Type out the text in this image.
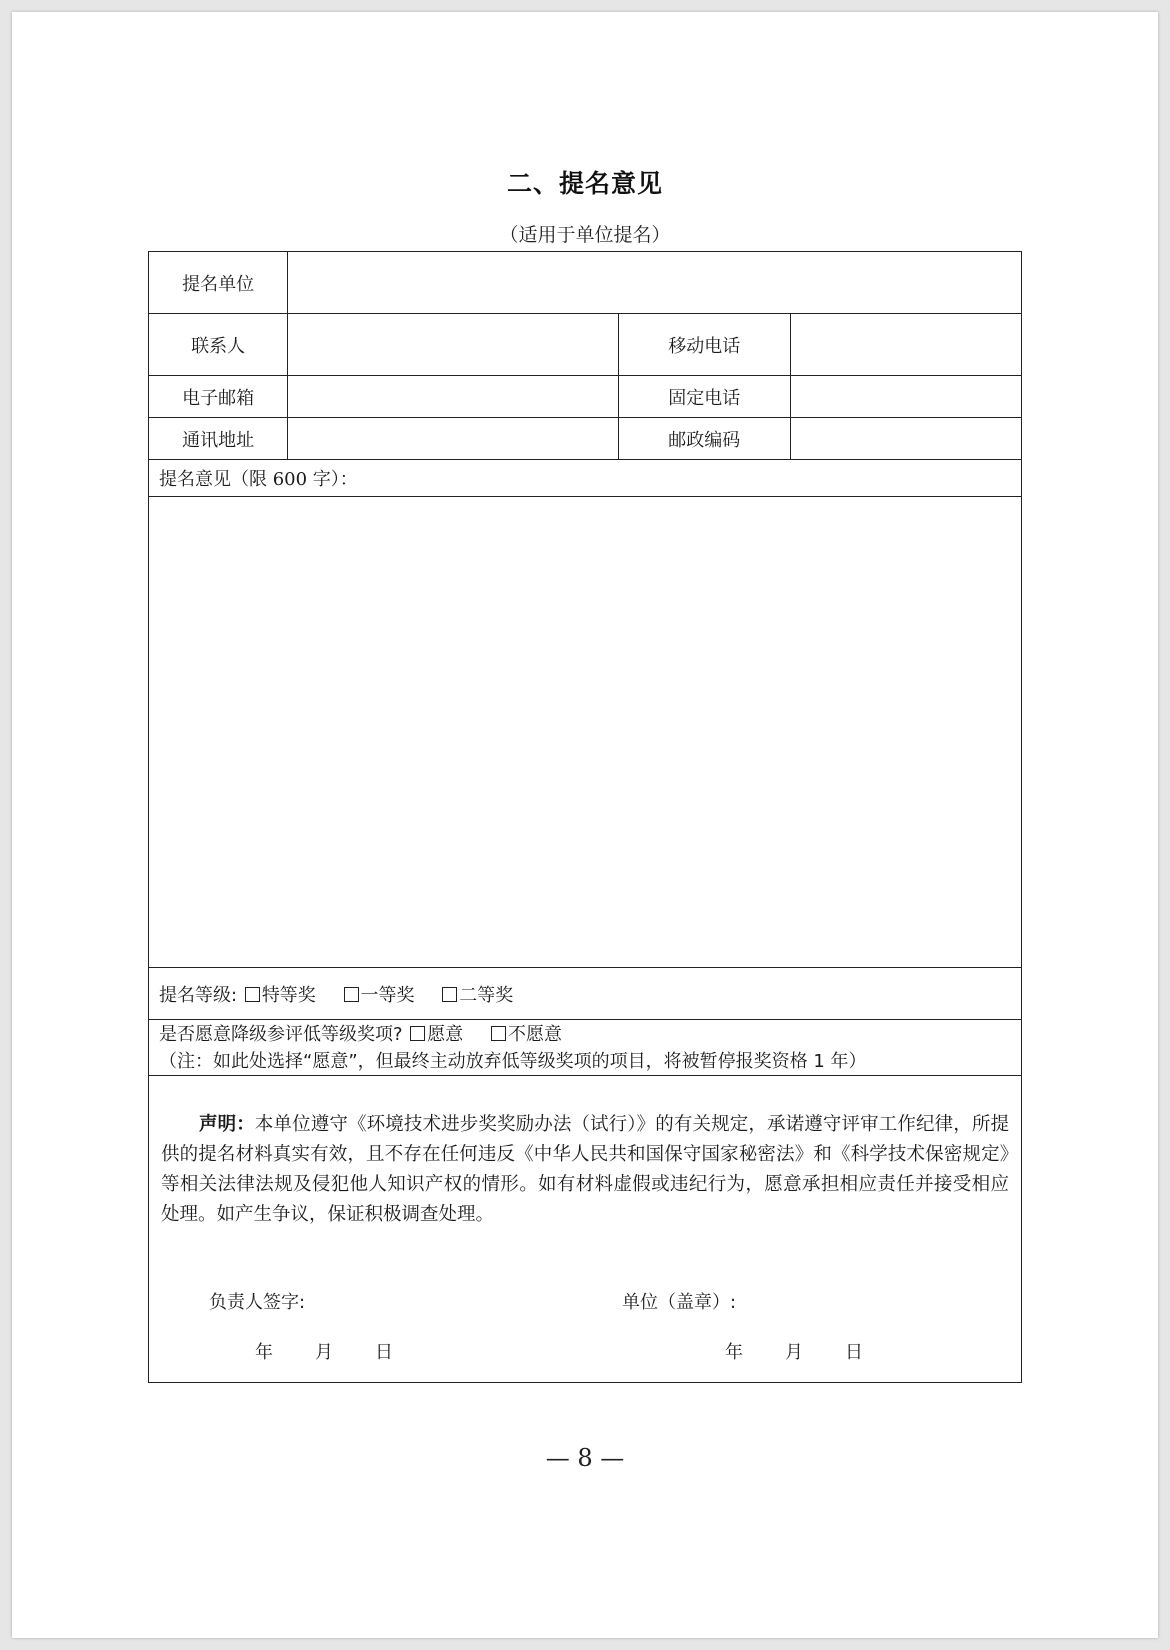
二、提名意见
（适用于单位提名）
提名单位			
联系人		移动电话	
电子邮箱		固定电话	
通讯地址		邮政编码	
提名意见（限 600 字）：			

提名等级: 特等奖 一等奖 二等奖			

是否愿意降级参评低等级奖项? 愿意 不愿意
（注：如此处选择“愿意”，但最终主动放弃低等级奖项的项目，将被暂停报奖资格 1 年）			

声明：本单位遵守《环境技术进步奖奖励办法（试行）》的有关规定，承诺遵守评审工作纪律，所提供的提名材料真实有效，且不存在任何违反《中华人民共和国保守国家秘密法》和《科学技术保密规定》等相关法律法规及侵犯他人知识产权的情形。如有材料虚假或违纪行为，愿意承担相应责任并接受相应处理。如产生争议，保证积极调查处理。
负责人签字: 单位（盖章）:
年 月 日 年 月 日			
— 8 —
